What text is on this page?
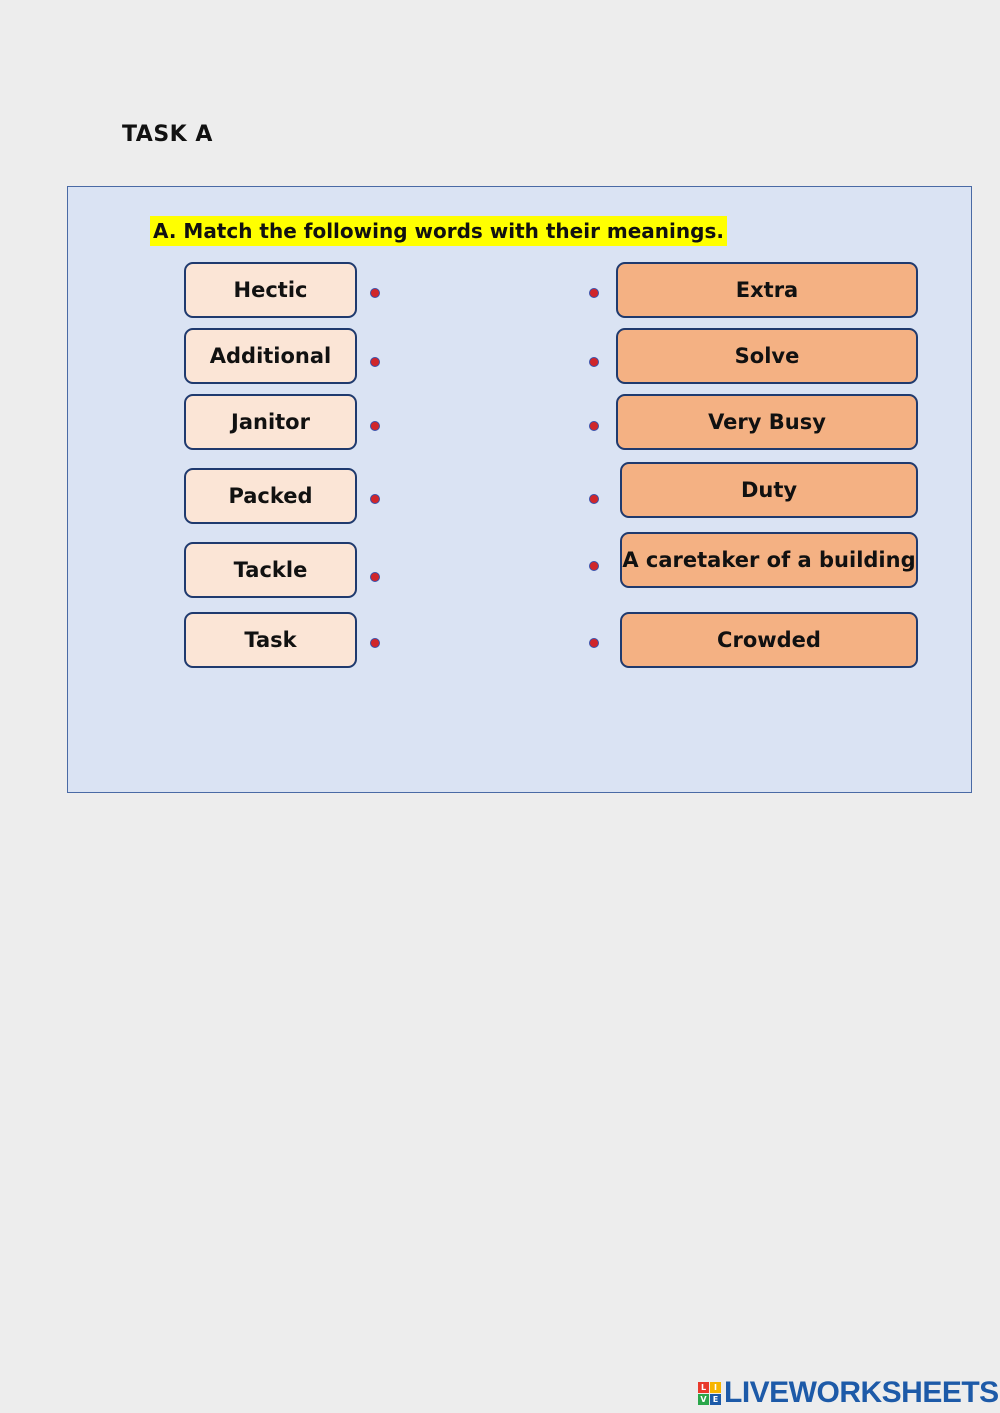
TASK A
A. Match the following words with their meanings.
Hectic
Additional
Janitor
Packed
Tackle
Task
Extra
Solve
Very Busy
Duty
A caretaker of a building
Crowded
L I
V E LIVEWORKSHEETS
